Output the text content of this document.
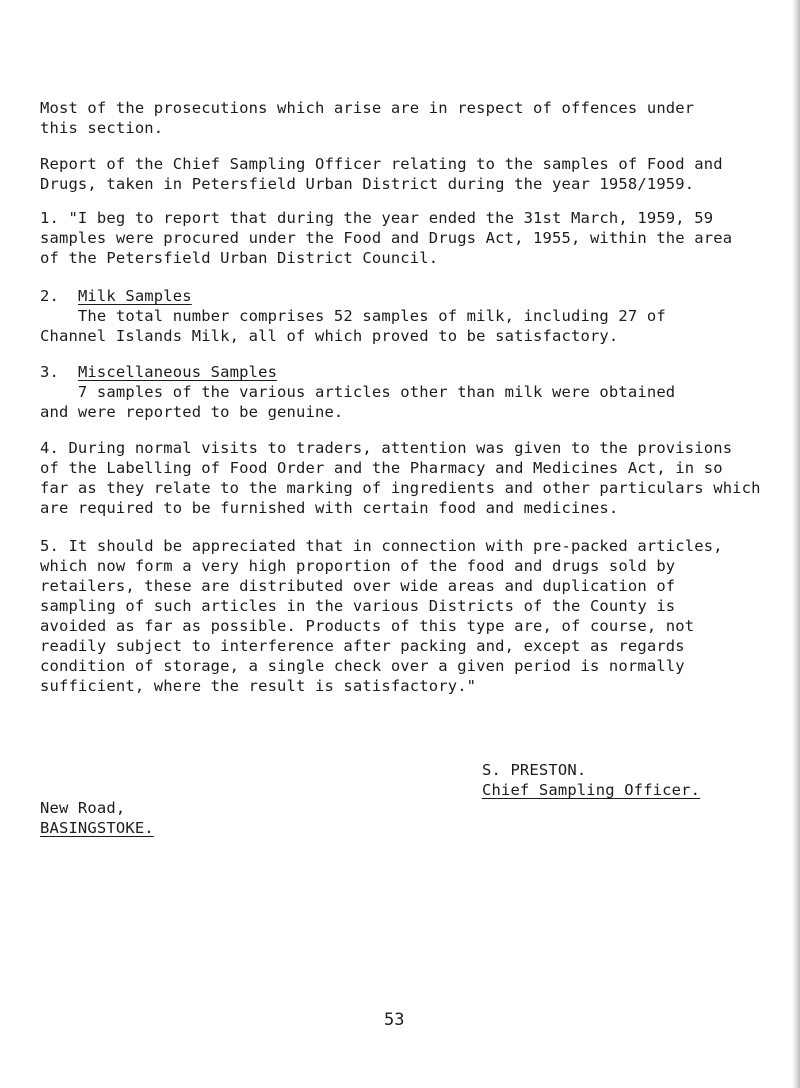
Most of the prosecutions which arise are in respect of offences under
this section.
Report of the Chief Sampling Officer relating to the samples of Food and
Drugs, taken in Petersfield Urban District during the year 1958/1959.
1. "I beg to report that during the year ended the 31st March, 1959, 59
samples were procured under the Food and Drugs Act, 1955, within the area
of the Petersfield Urban District Council.
2. Milk Samples
The total number comprises 52 samples of milk, including 27 of
Channel Islands Milk, all of which proved to be satisfactory.
3. Miscellaneous Samples
7 samples of the various articles other than milk were obtained
and were reported to be genuine.
4. During normal visits to traders, attention was given to the provisions
of the Labelling of Food Order and the Pharmacy and Medicines Act, in so
far as they relate to the marking of ingredients and other particulars which
are required to be furnished with certain food and medicines.
5. It should be appreciated that in connection with pre-packed articles,
which now form a very high proportion of the food and drugs sold by
retailers, these are distributed over wide areas and duplication of
sampling of such articles in the various Districts of the County is
avoided as far as possible. Products of this type are, of course, not
readily subject to interference after packing and, except as regards
condition of storage, a single check over a given period is normally
sufficient, where the result is satisfactory."
S. PRESTON.
Chief Sampling Officer.
New Road,
BASINGSTOKE.
53
